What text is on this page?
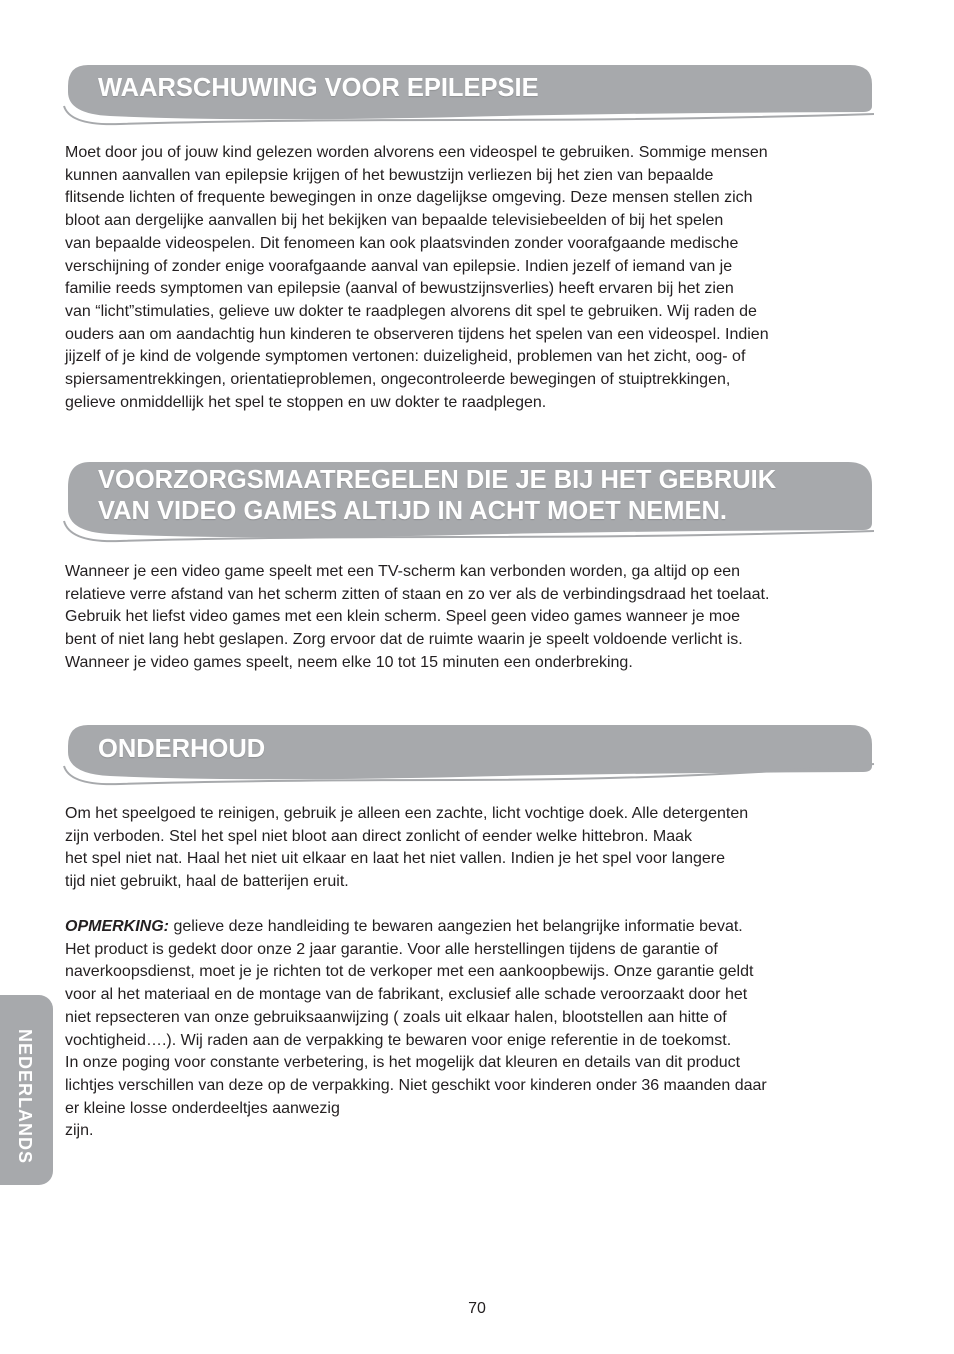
WAARSCHUWING VOOR EPILEPSIE

Moet door jou of jouw kind gelezen worden alvorens een videospel te gebruiken. Sommige mensen
kunnen aanvallen van epilepsie krijgen of het bewustzijn verliezen bij het zien van bepaalde
flitsende lichten of frequente bewegingen in onze dagelijkse omgeving. Deze mensen stellen zich
bloot aan dergelijke aanvallen bij het bekijken van bepaalde televisiebeelden of bij het spelen
van bepaalde videospelen. Dit fenomeen kan ook plaatsvinden zonder voorafgaande medische
verschijning of zonder enige voorafgaande aanval van epilepsie. Indien jezelf of iemand van je
familie reeds symptomen van epilepsie (aanval of bewustzijnsverlies) heeft ervaren bij het zien
van “licht”stimulaties, gelieve uw dokter te raadplegen alvorens dit spel te gebruiken. Wij raden de
ouders aan om aandachtig hun kinderen te observeren tijdens het spelen van een videospel. Indien
jijzelf of je kind de volgende symptomen vertonen: duizeligheid, problemen van het zicht, oog- of
spiersamentrekkingen, orientatieproblemen, ongecontroleerde bewegingen of stuiptrekkingen,
gelieve onmiddellijk het spel te stoppen en uw dokter te raadplegen.

VOORZORGSMAATREGELEN DIE JE BIJ HET GEBRUIK
VAN VIDEO GAMES ALTIJD IN ACHT MOET NEMEN.

Wanneer je een video game speelt met een TV-scherm kan verbonden worden, ga altijd op een
relatieve verre afstand van het scherm zitten of staan en zo ver als de verbindingsdraad het toelaat.
Gebruik het liefst video games met een klein scherm. Speel geen video games wanneer je moe
bent of niet lang hebt geslapen. Zorg ervoor dat de ruimte waarin je speelt voldoende verlicht is.
Wanneer je video games speelt, neem elke 10 tot 15 minuten een onderbreking.

ONDERHOUD

Om het speelgoed te reinigen, gebruik je alleen een zachte, licht vochtige doek. Alle detergenten
zijn verboden. Stel het spel niet bloot aan direct zonlicht of eender welke hittebron. Maak
het spel niet nat. Haal het niet uit elkaar en laat het niet vallen. Indien je het spel voor langere
tijd niet gebruikt, haal de batterijen eruit.

OPMERKING: gelieve deze handleiding te bewaren aangezien het belangrijke informatie bevat.
Het product is gedekt door onze 2 jaar garantie. Voor alle herstellingen tijdens de garantie of
naverkoopsdienst, moet je je richten tot de verkoper met een aankoopbewijs. Onze garantie geldt
voor al het materiaal en de montage van de fabrikant, exclusief alle schade veroorzaakt door het
niet repsecteren van onze gebruiksaanwijzing ( zoals uit elkaar halen, blootstellen aan hitte of
vochtigheid….). Wij raden aan de verpakking te bewaren voor enige referentie in de toekomst.
In onze poging voor constante verbetering, is het mogelijk dat kleuren en details van dit product
lichtjes verschillen van deze op de verpakking. Niet geschikt voor kinderen onder 36 maanden daar
er kleine losse onderdeeltjes aanwezig
zijn.

NEDERLANDS
70
